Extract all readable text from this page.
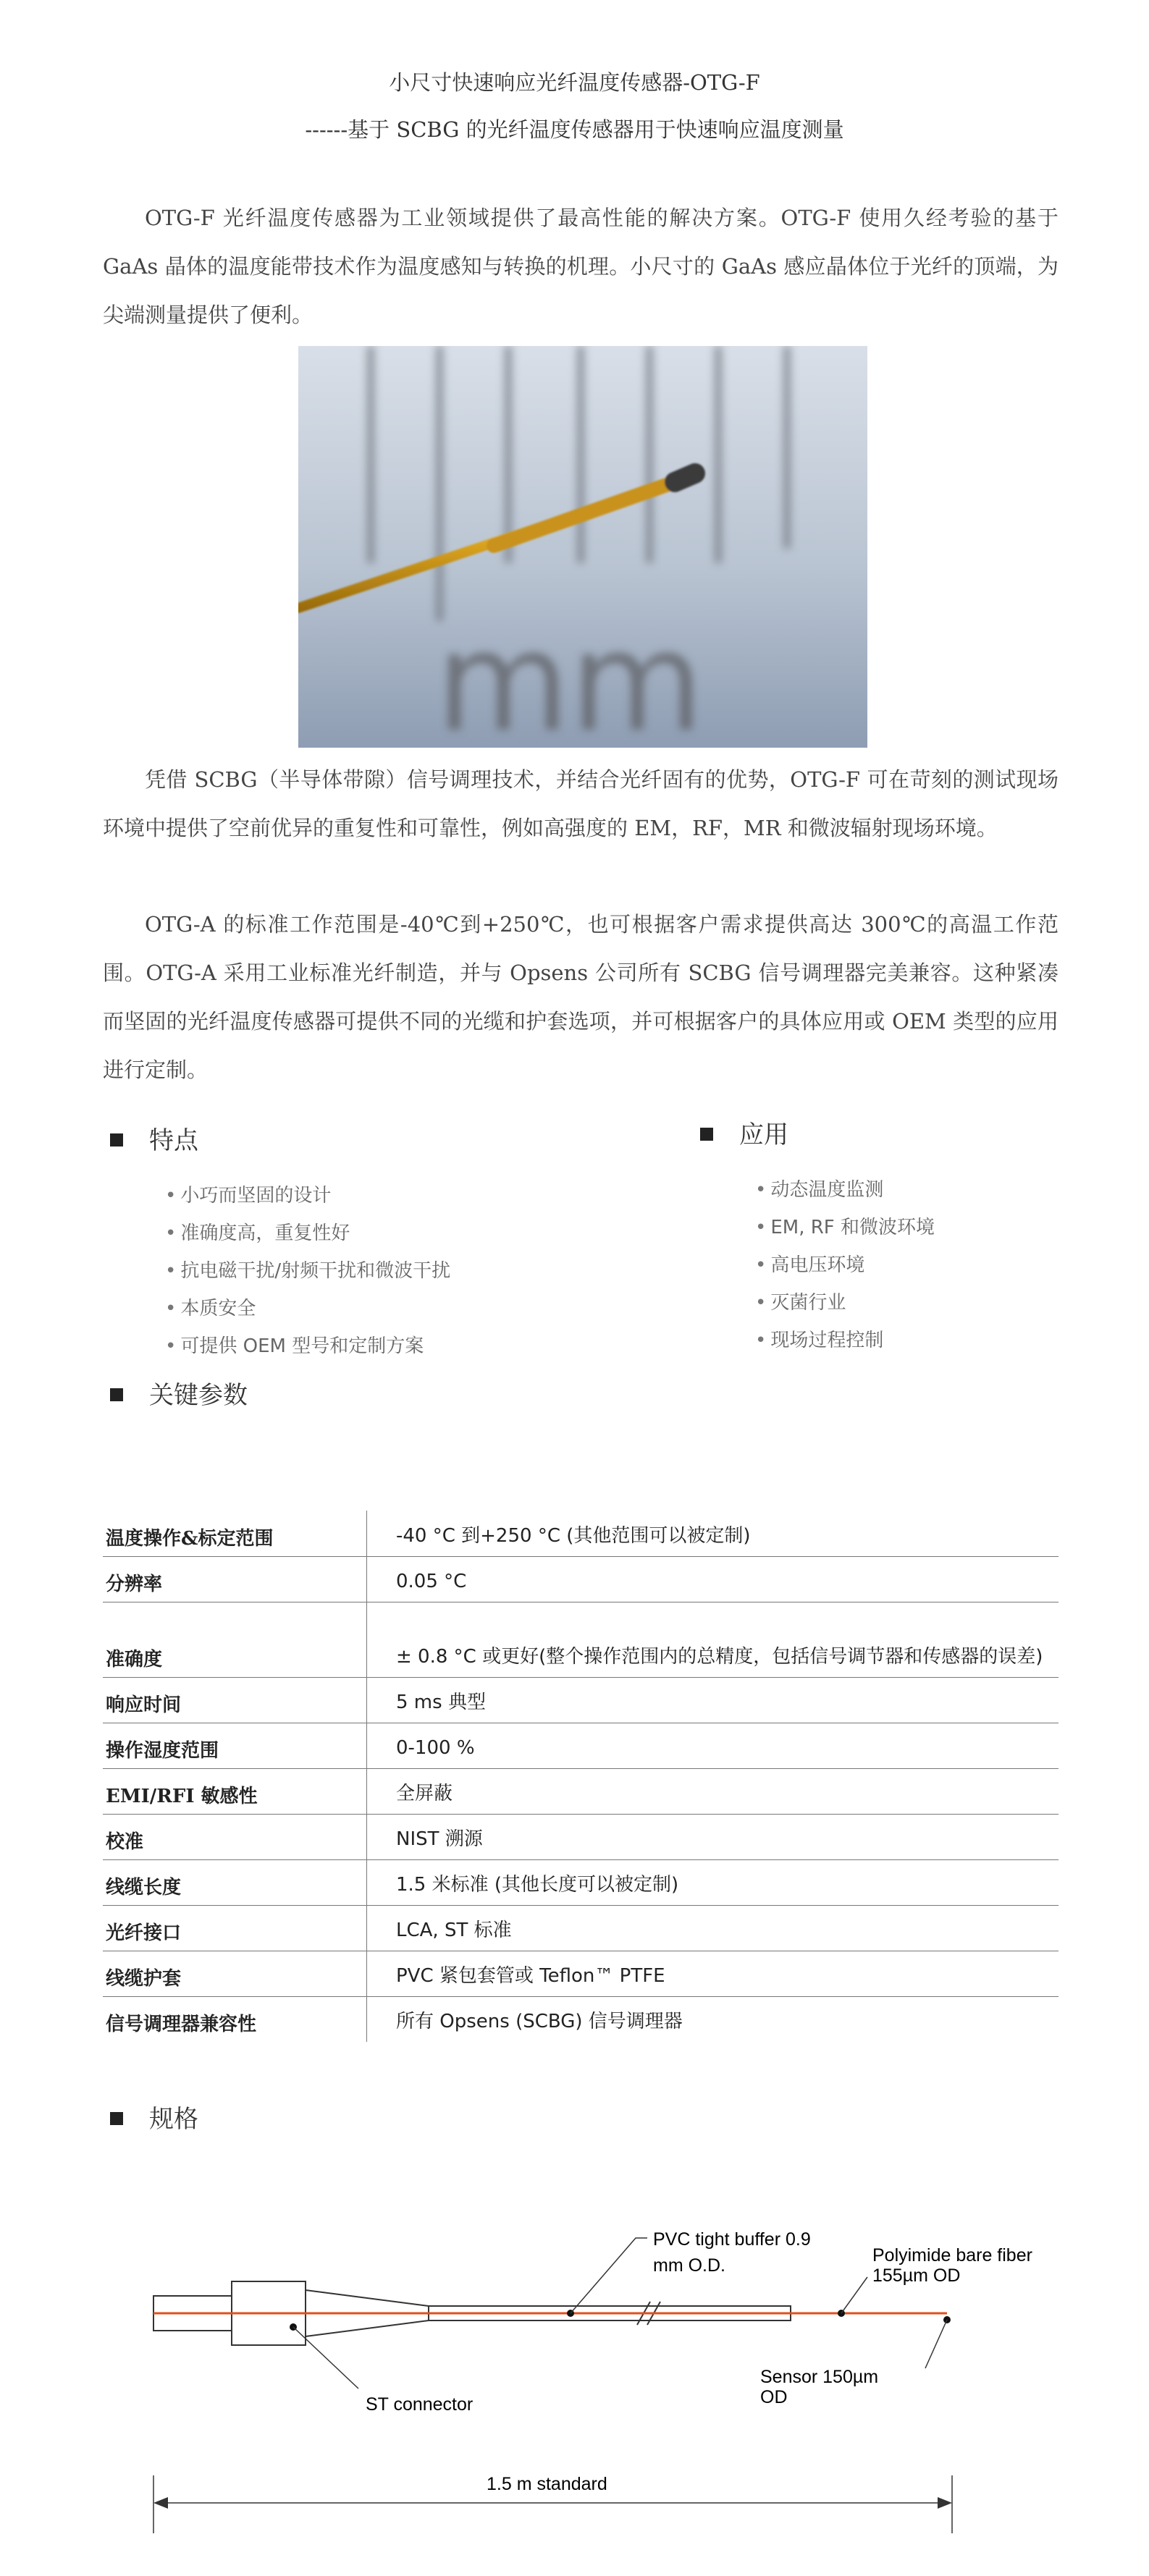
小尺寸快速响应光纤温度传感器-OTG-F
------基于 SCBG 的光纤温度传感器用于快速响应温度测量
OTG-F 光纤温度传感器为工业领域提供了最高性能的解决方案。OTG-F 使用久经考验的基于 GaAs 晶体的温度能带技术作为温度感知与转换的机理。小尺寸的 GaAs 感应晶体位于光纤的顶端，为尖端测量提供了便利。
mm
凭借 SCBG（半导体带隙）信号调理技术，并结合光纤固有的优势，OTG-F 可在苛刻的测试现场环境中提供了空前优异的重复性和可靠性，例如高强度的 EM，RF，MR 和微波辐射现场环境。
OTG-A 的标准工作范围是-40℃到+250℃，也可根据客户需求提供高达 300℃的高温工作范围。OTG-A 采用工业标准光纤制造，并与 Opsens 公司所有 SCBG 信号调理器完美兼容。这种紧凑而坚固的光纤温度传感器可提供不同的光缆和护套选项，并可根据客户的具体应用或 OEM 类型的应用进行定制。
特点
• 小巧而坚固的设计
• 准确度高，重复性好
• 抗电磁干扰/射频干扰和微波干扰
• 本质安全
• 可提供 OEM 型号和定制方案
应用
• 动态温度监测
• EM, RF 和微波环境
• 高电压环境
• 灭菌行业
• 现场过程控制
关键参数
温度操作&标定范围	-40 °C 到+250 °C (其他范围可以被定制)
分辨率	0.05 °C
准确度	± 0.8 °C 或更好(整个操作范围内的总精度，包括信号调节器和传感器的误差)
响应时间	5 ms 典型
操作湿度范围	0-100 %
EMI/RFI 敏感性	全屏蔽
校准	NIST 溯源
线缆长度	1.5 米标准 (其他长度可以被定制)
光纤接口	LCA, ST 标准
线缆护套	PVC 紧包套管或 Teflon™ PTFE
信号调理器兼容性	所有 Opsens (SCBG) 信号调理器
规格
PVC tight buffer 0.9
mm O.D.	Polyimide bare fiber
155µm OD
Sensor 150µm
OD
ST connector
1.5 m standard
